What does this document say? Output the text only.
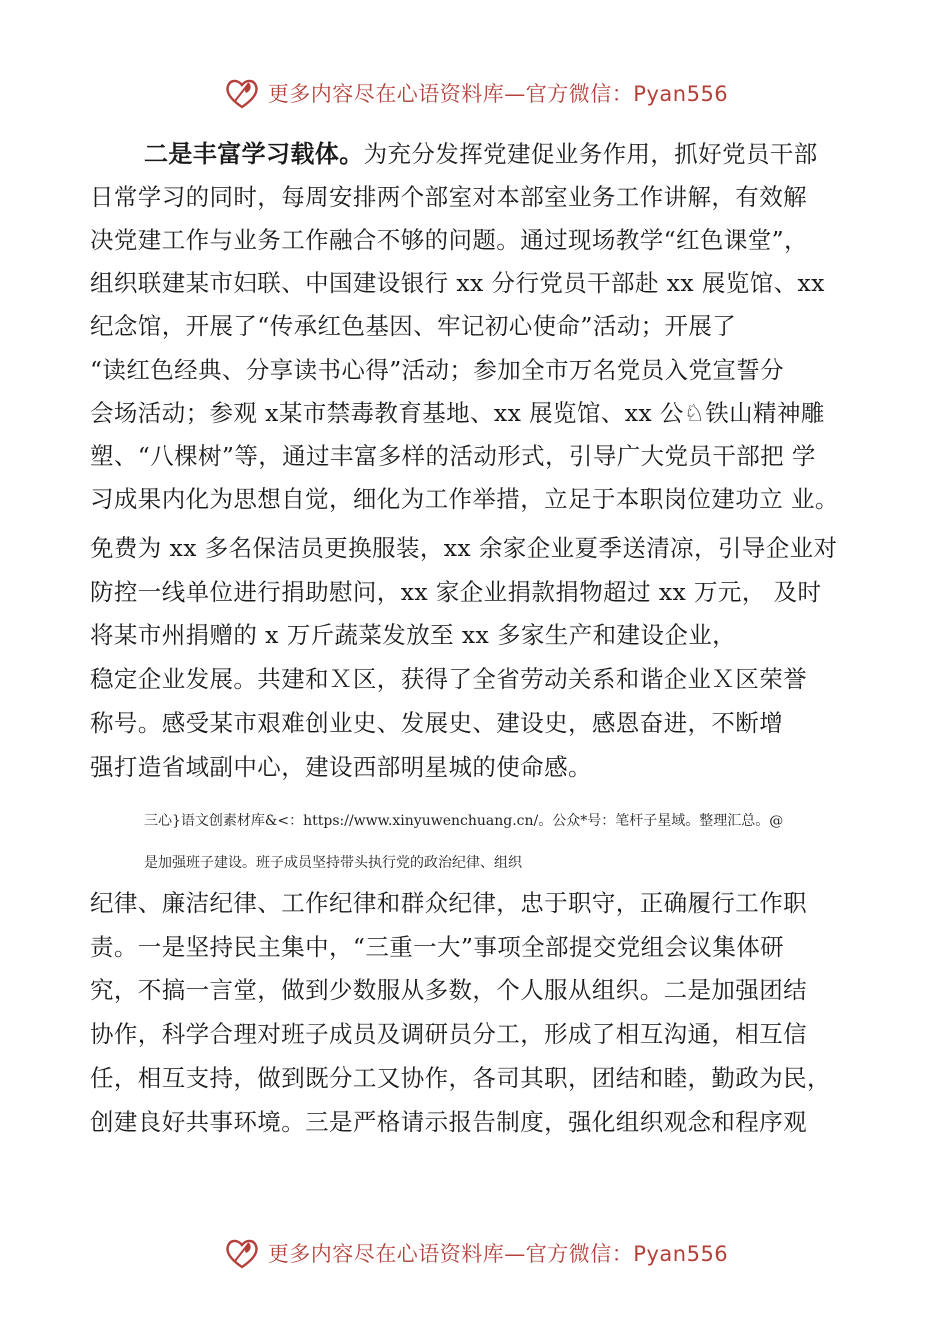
更多内容尽在心语资料库—官方微信：Pyan556
二是丰富学习载体。为充分发挥党建促业务作用，抓好党员干部
日常学习的同时，每周安排两个部室对本部室业务工作讲解，有效解
决党建工作与业务工作融合不够的问题。通过现场教学“红色课堂”，
组织联建某市妇联、中国建设银行 xx 分行党员干部赴 xx 展览馆、xx
纪念馆，开展了“传承红色基因、牢记初心使命”活动；开展了
“读红色经典、分享读书心得”活动；参加全市万名党员入党宣誓分
会场活动；参观 x某市禁毒教育基地、xx 展览馆、xx 公♘铁山精神雕
塑、“八棵树”等，通过丰富多样的活动形式，引导广大党员干部把 学
习成果内化为思想自觉，细化为工作举措，立足于本职岗位建功立 业。
免费为 xx 多名保洁员更换服装，xx 余家企业夏季送清凉，引导企业对
防控一线单位进行捐助慰问，xx 家企业捐款捐物超过 xx 万元， 及时
将某市州捐赠的 x 万斤蔬菜发放至 xx 多家生产和建设企业，
稳定企业发展。共建和Ｘ区，获得了全省劳动关系和谐企业Ｘ区荣誉
称号。感受某市艰难创业史、发展史、建设史，感恩奋进，不断增
强打造省域副中心，建设西部明星城的使命感。
三心}语文创素材库&<：https://www.xinyuwenchuang.cn/。公众*号：笔杆子星域。整理汇总。@
是加强班子建设。班子成员坚持带头执行党的政治纪律、组织
纪律、廉洁纪律、工作纪律和群众纪律，忠于职守，正确履行工作职
责。一是坚持民主集中，“三重一大”事项全部提交党组会议集体研
究，不搞一言堂，做到少数服从多数，个人服从组织。二是加强团结
协作，科学合理对班子成员及调研员分工，形成了相互沟通，相互信
任，相互支持，做到既分工又协作，各司其职，团结和睦，勤政为民，
创建良好共事环境。三是严格请示报告制度，强化组织观念和程序观
更多内容尽在心语资料库—官方微信：Pyan556
